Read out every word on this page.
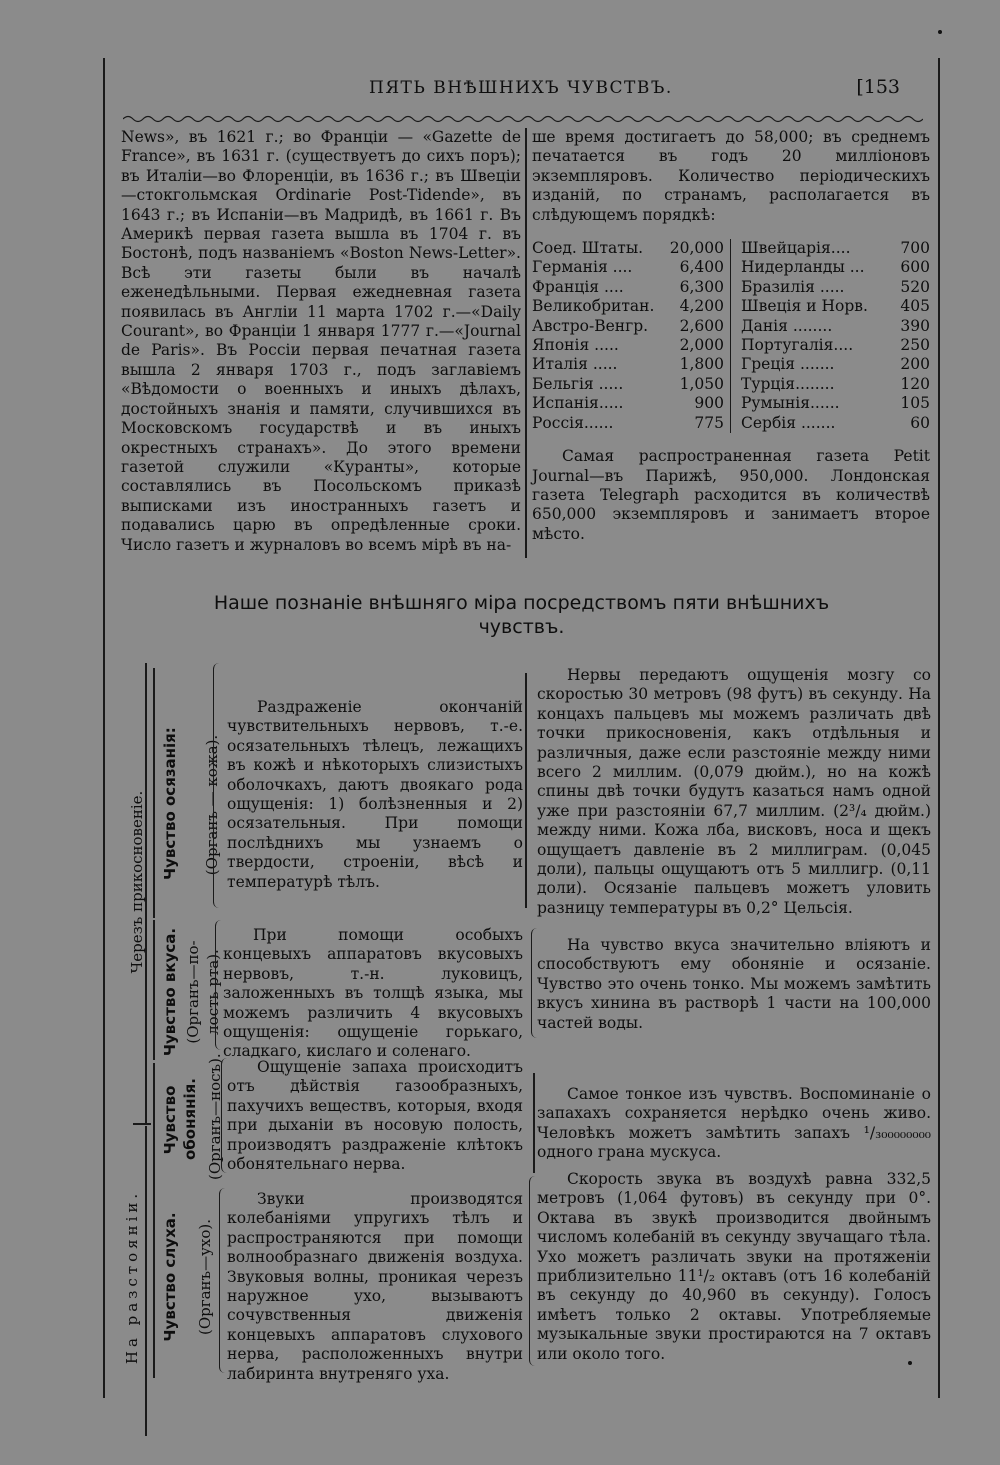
ПЯТЬ ВНѢШНИХЪ ЧУВСТВЪ.	[153

News», въ 1621 г.; во Франціи — «Gazette de France», въ 1631 г. (существуетъ до сихъ поръ); въ Италіи—во Флоренціи, въ 1636 г.; въ Швеціи—стокгольмская Ordinarie Post-Tidende», въ 1643 г.; въ Испаніи—въ Мадридѣ, въ 1661 г. Въ Америкѣ первая газета вышла въ 1704 г. въ Бостонѣ, подъ названіемъ «Boston News-Letter». Всѣ эти газеты были въ началѣ еженедѣльными. Первая ежедневная газета появилась въ Англіи 11 марта 1702 г.—«Daily Courant», во Франціи 1 января 1777 г.—«Journal de Paris». Въ Россіи первая печатная газета вышла 2 января 1703 г., подъ заглавіемъ «Вѣдомости о военныхъ и иныхъ дѣлахъ, достойныхъ знанія и памяти, случившихся въ Московскомъ государствѣ и въ иныхъ окрестныхъ странахъ». До этого времени газетой служили «Куранты», которые составлялись въ Посольскомъ приказѣ выписками изъ иностранныхъ газетъ и подавались царю въ опредѣленные сроки. Число газетъ и журналовъ во всемъ мірѣ въ на-

ше время достигаетъ до 58,000; въ среднемъ печатается въ годъ 20 милліоновъ экземпляровъ. Количество періодическихъ изданій, по странамъ, располагается въ слѣдующемъ порядкѣ:

Соед. Штаты. 20,000
Германія ....	6,400
Франція ....	6,300
Великобритан. 4,200
Австро-Венгр. 2,600
Японія .....	2,000
Италія .....	1,800
Бельгія .....	1,050
Испанія.....	900
Россія......	775
Швейцарія....	700
Нидерланды ... 600
Бразилія .....	520
Швеція и Норв. 405
Данія ........	390
Португалія....	250
Греція .......	200
Турція........	120
Румынія......	105
Сербія .......	60

Самая распространенная газета Petit Journal—въ Парижѣ, 950,000. Лондонская газета Telegraph расходится въ количествѣ 650,000 экземпляровъ и занимаетъ второе мѣсто.

Наше познаніе внѣшняго міра посредствомъ пяти внѣшнихъ
чувствъ.
Черезъ прикосновеніе.
На разстояніи.
Чувство осязанія: (Органъ — кожа).

Раздраженіе окончаній чувствительныхъ нервовъ, т.-е. осязательныхъ тѣлецъ, лежащихъ въ кожѣ и нѣкоторыхъ слизистыхъ оболочкахъ, даютъ двоякаго рода ощущенія: 1) болѣзненныя и 2) осязательныя. При помощи послѣднихъ мы узнаемъ о твердости, строеніи, вѣсѣ и температурѣ тѣлъ.

Нервы передаютъ ощущенія мозгу со скоростью 30 метровъ (98 футъ) въ секунду. На концахъ пальцевъ мы можемъ различать двѣ точки прикосновенія, какъ отдѣльныя и различныя, даже если разстояніе между ними всего 2 миллим. (0,079 дюйм.), но на кожѣ спины двѣ точки будутъ казаться намъ одной уже при разстояніи 67,7 миллим. (2³/₄ дюйм.) между ними. Кожа лба, висковъ, носа и щекъ ощущаетъ давленіе въ 2 миллиграм. (0,045 доли), пальцы ощущаютъ отъ 5 миллигр. (0,11 доли). Осязаніе пальцевъ можетъ уловить разницу температуры въ 0,2° Цельсія.

Чувство вкуса. (Органъ—по- лость рта).

При помощи особыхъ концевыхъ аппаратовъ вкусовыхъ нервовъ, т.-н. луковицъ, заложенныхъ въ толщѣ языка, мы можемъ различить 4 вкусовыхъ ощущенія: ощущеніе горькаго, сладкаго, кислаго и соленаго.

На чувство вкуса значительно вліяютъ и способствуютъ ему обоняніе и осязаніе. Чувство это очень тонко. Мы можемъ замѣтить вкусъ хинина въ растворѣ 1 части на 100,000 частей воды.

Чувство обонянія. (Органъ—носъ).	Ощущеніе запаха происходитъ отъ дѣйствія газообразныхъ, пахучихъ веществъ, которыя, входя при дыханіи въ носовую полость, производятъ раздраженіе клѣтокъ обонятельнаго нерва.

Самое тонкое изъ чувствъ. Воспоминаніе о запахахъ сохраняется нерѣдко очень живо. Человѣкъ можетъ замѣтить запахъ ¹/₃₀₀₀₀₀₀₀₀ одного грана мускуса.

Чувство слуха. (Органъ—ухо).

Звуки производятся колебаніями упругихъ тѣлъ и распространяются при помощи волнообразнаго движенія воздуха. Звуковыя волны, проникая черезъ наружное ухо, вызываютъ сочувственныя движенія концевыхъ аппаратовъ слухового нерва, расположенныхъ внутри лабиринта внутреняго уха.

Скорость звука въ воздухѣ равна 332,5 метровъ (1,064 футовъ) въ секунду при 0°. Октава въ звукѣ производится двойнымъ числомъ колебаній въ секунду звучащаго тѣла. Ухо можетъ различать звуки на протяженіи приблизительно 11¹/₂ октавъ (отъ 16 колебаній въ секунду до 40,960 въ секунду). Голосъ имѣетъ только 2 октавы. Употребляемые музыкальные звуки простираются на 7 октавъ или около того.
